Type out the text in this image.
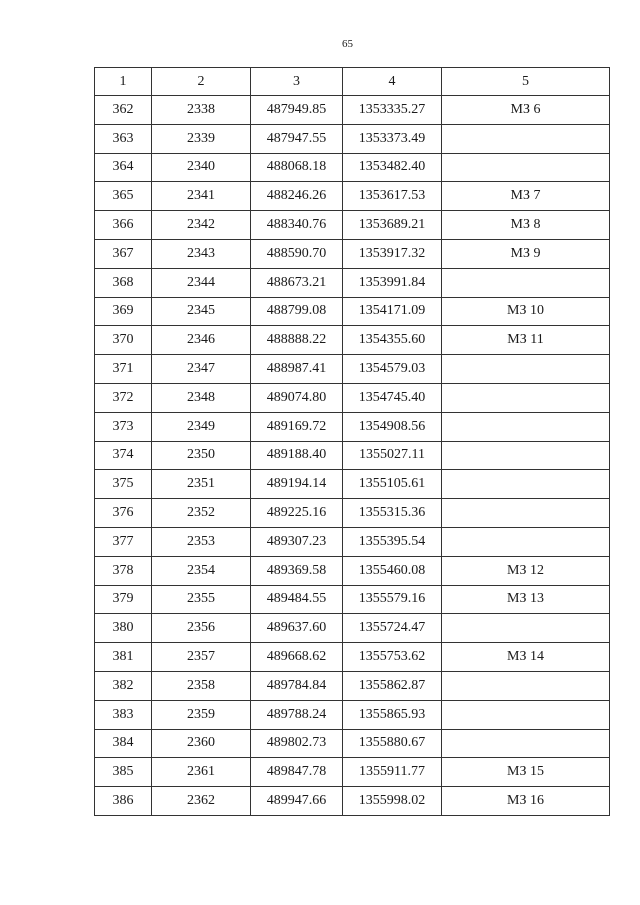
65
1	2	3	4	5
362	2338	487949.85	1353335.27	МЗ 6
363	2339	487947.55	1353373.49	
364	2340	488068.18	1353482.40	
365	2341	488246.26	1353617.53	МЗ 7
366	2342	488340.76	1353689.21	МЗ 8
367	2343	488590.70	1353917.32	МЗ 9
368	2344	488673.21	1353991.84	
369	2345	488799.08	1354171.09	МЗ 10
370	2346	488888.22	1354355.60	МЗ 11
371	2347	488987.41	1354579.03	
372	2348	489074.80	1354745.40	
373	2349	489169.72	1354908.56	
374	2350	489188.40	1355027.11	
375	2351	489194.14	1355105.61	
376	2352	489225.16	1355315.36	
377	2353	489307.23	1355395.54	
378	2354	489369.58	1355460.08	МЗ 12
379	2355	489484.55	1355579.16	МЗ 13
380	2356	489637.60	1355724.47	
381	2357	489668.62	1355753.62	МЗ 14
382	2358	489784.84	1355862.87	
383	2359	489788.24	1355865.93	
384	2360	489802.73	1355880.67	
385	2361	489847.78	1355911.77	МЗ 15
386	2362	489947.66	1355998.02	МЗ 16
